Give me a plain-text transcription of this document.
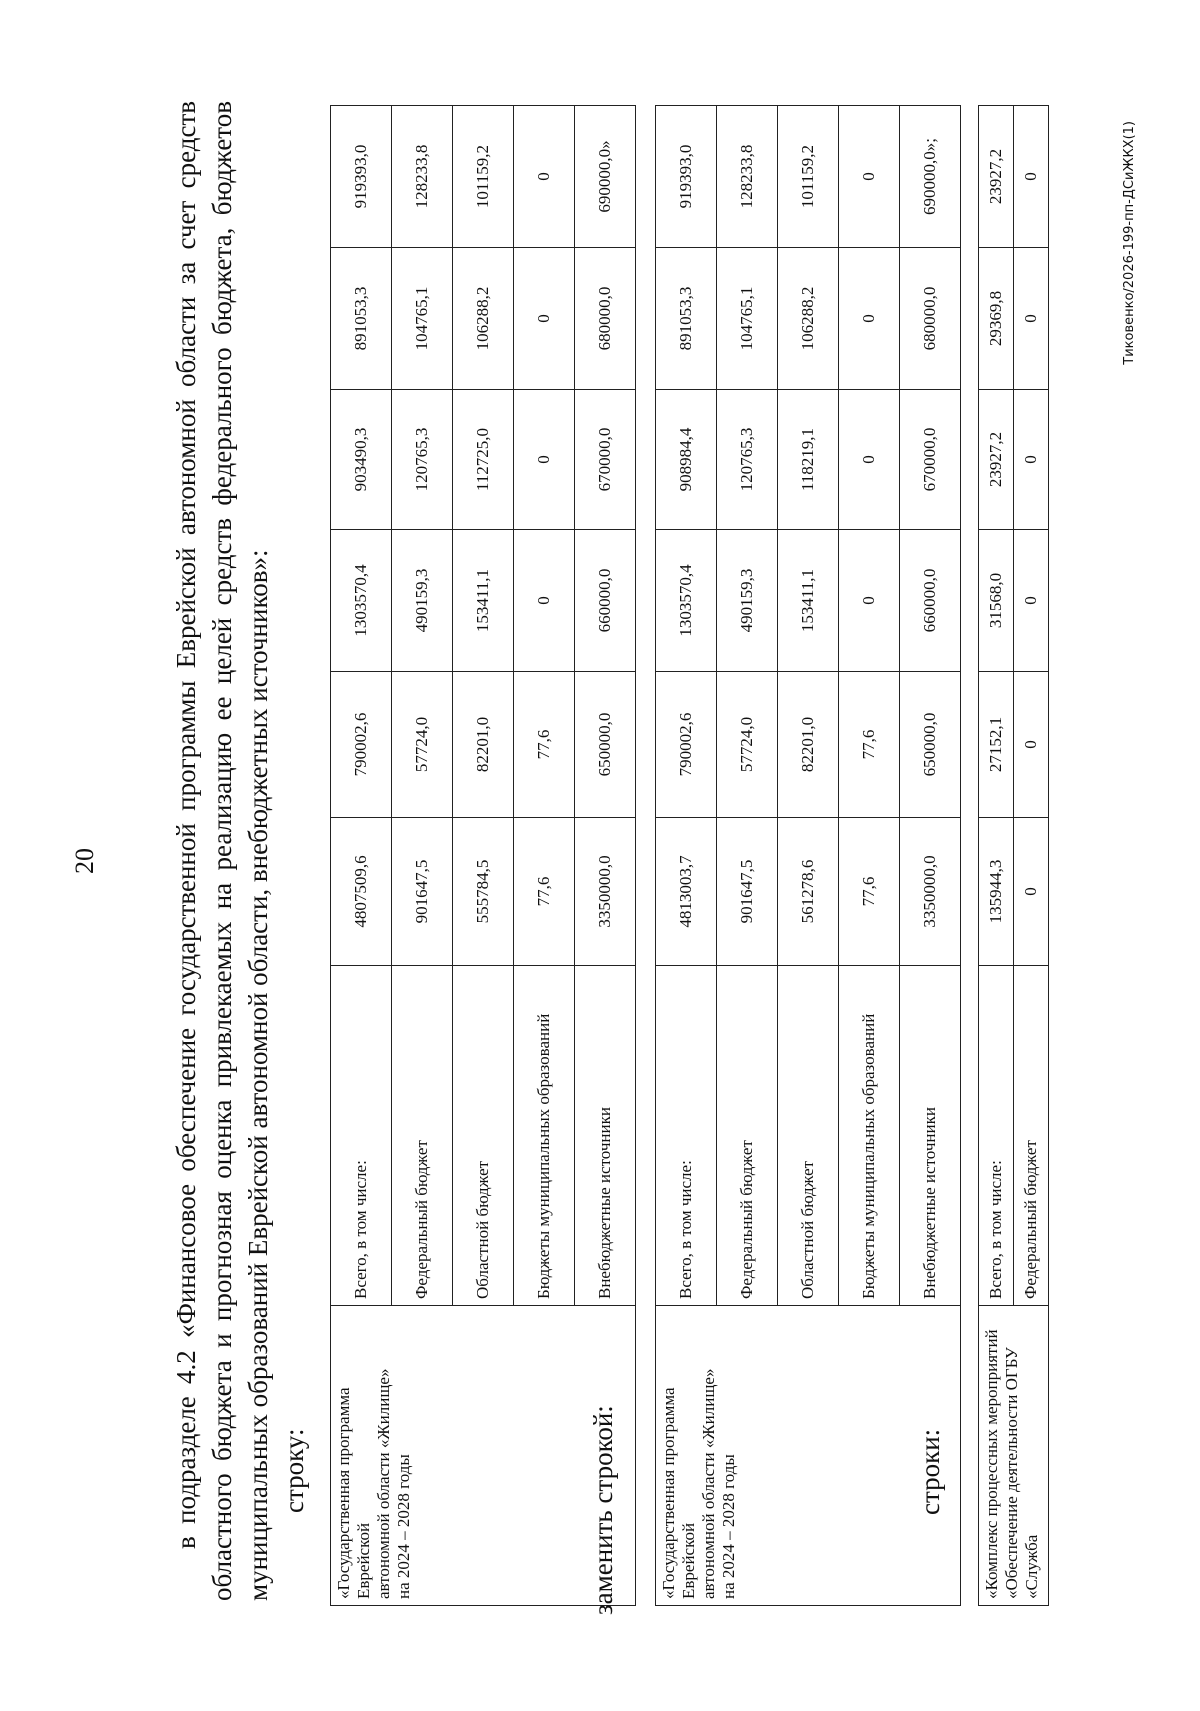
20	в подразделе 4.2 «Финансовое обеспечение государственной программы Еврейской автономной области за счет средств областного бюджета и прогнозная оценка привлекаемых на реализацию ее целей средств федерального бюджета, бюджетов муниципальных образований Еврейской автономной области, внебюджетных источников»: строку: «Государственная программа Еврейской автономной области «Жилище» на 2024 – 2028 годы	Всего, в том числе:	4807509,6	790002,6	1303570,4	903490,3	891053,3	919393,0
	Федеральный бюджет	901647,5	57724,0	490159,3	120765,3	104765,1	128233,8
	Областной бюджет	555784,5	82201,0	153411,1	112725,0	106288,2	101159,2
	Бюджеты муниципальных образований	77,6	77,6	0	0	0	0
	Внебюджетные источники	3350000,0	650000,0	660000,0	670000,0	680000,0	690000,0»
заменить строкой: «Государственная программа Еврейской автономной области «Жилище» на 2024 – 2028 годы	Всего, в том числе:	4813003,7	790002,6	1303570,4	908984,4	891053,3	919393,0
	Федеральный бюджет	901647,5	57724,0	490159,3	120765,3	104765,1	128233,8
	Областной бюджет	561278,6	82201,0	153411,1	118219,1	106288,2	101159,2
	Бюджеты муниципальных образований	77,6	77,6	0	0	0	0
	Внебюджетные источники	3350000,0	650000,0	660000,0	670000,0	680000,0	690000,0»;
строки: «Комплекс процессных мероприятий «Обеспечение деятельности ОГБУ «Служба	Всего, в том числе:	135944,3	27152,1	31568,0	23927,2	29369,8	23927,2
	Федеральный бюджет	0	0	0	0	0	0	Тиковенко/2026-199-пп-ДСиЖКХ(1)
